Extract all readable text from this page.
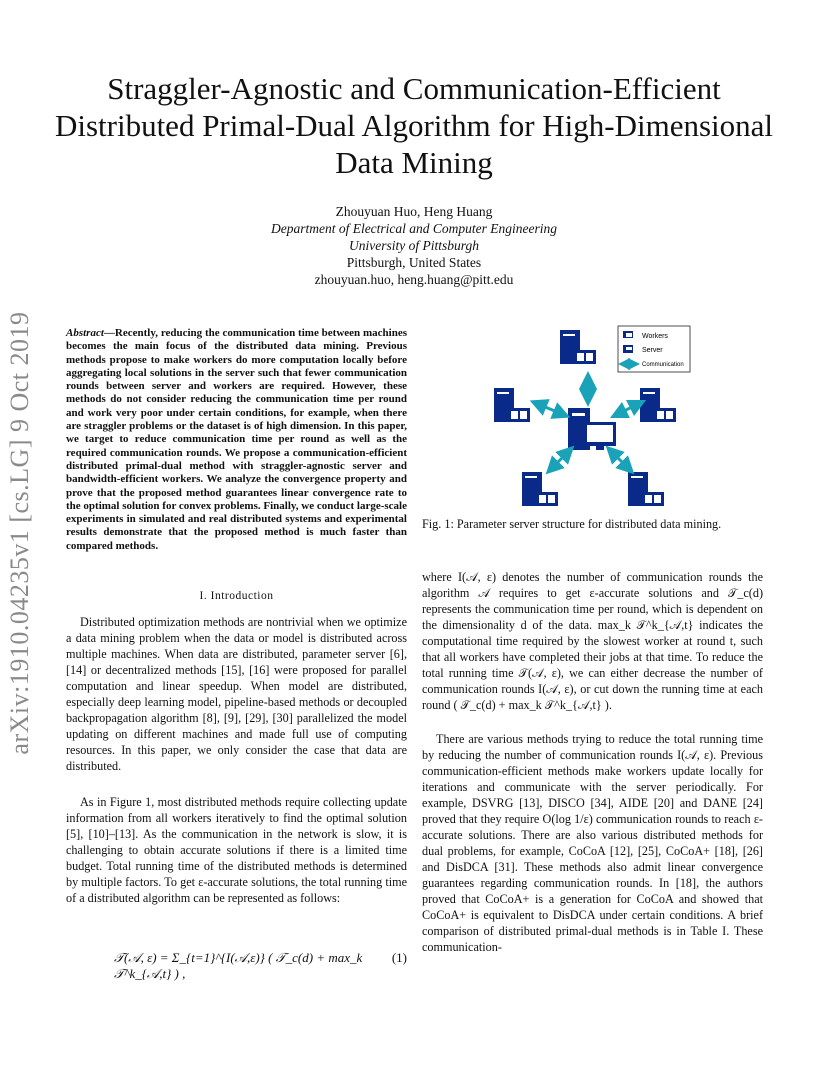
arXiv:1910.04235v1 [cs.LG] 9 Oct 2019
Straggler-Agnostic and Communication-Efficient Distributed Primal-Dual Algorithm for High-Dimensional Data Mining
Zhouyuan Huo, Heng Huang
Department of Electrical and Computer Engineering
University of Pittsburgh
Pittsburgh, United States
zhouyuan.huo, heng.huang@pitt.edu
Abstract—Recently, reducing the communication time between machines becomes the main focus of the distributed data mining. Previous methods propose to make workers do more computation locally before aggregating local solutions in the server such that fewer communication rounds between server and workers are required. However, these methods do not consider reducing the communication time per round and work very poor under certain conditions, for example, when there are straggler problems or the dataset is of high dimension. In this paper, we target to reduce communication time per round as well as the required communication rounds. We propose a communication-efficient distributed primal-dual method with straggler-agnostic server and bandwidth-efficient workers. We analyze the convergence property and prove that the proposed method guarantees linear convergence rate to the optimal solution for convex problems. Finally, we conduct large-scale experiments in simulated and real distributed systems and experimental results demonstrate that the proposed method is much faster than compared methods.
I. Introduction
Distributed optimization methods are nontrivial when we optimize a data mining problem when the data or model is distributed across multiple machines. When data are distributed, parameter server [6], [14] or decentralized methods [15], [16] were proposed for parallel computation and linear speedup. When model are distributed, especially deep learning model, pipeline-based methods or decoupled backpropagation algorithm [8], [9], [29], [30] parallelized the model updating on different machines and made full use of computing resources. In this paper, we only consider the case that data are distributed.
As in Figure 1, most distributed methods require collecting update information from all workers iteratively to find the optimal solution [5], [10]–[13]. As the communication in the network is slow, it is challenging to obtain accurate solutions if there is a limited time budget. Total running time of the distributed methods is determined by multiple factors. To get ε-accurate solutions, the total running time of a distributed algorithm can be represented as follows:
𝒯(𝒜, ε) = Σ_{t=1}^{I(𝒜,ε)} ( 𝒯_c(d) + max_k 𝒯^k_{𝒜,t} ) ,
(1)
Workers
Server
Communication
Fig. 1: Parameter server structure for distributed data mining.
where I(𝒜, ε) denotes the number of communication rounds the algorithm 𝒜 requires to get ε-accurate solutions and 𝒯_c(d) represents the communication time per round, which is dependent on the dimensionality d of the data. max_k 𝒯^k_{𝒜,t} indicates the computational time required by the slowest worker at round t, such that all workers have completed their jobs at that time. To reduce the total running time 𝒯(𝒜, ε), we can either decrease the number of communication rounds I(𝒜, ε), or cut down the running time at each round ( 𝒯_c(d) + max_k 𝒯^k_{𝒜,t} ).
There are various methods trying to reduce the total running time by reducing the number of communication rounds I(𝒜, ε). Previous communication-efficient methods make workers update locally for iterations and communicate with the server periodically. For example, DSVRG [13], DISCO [34], AIDE [20] and DANE [24] proved that they require O(log 1/ε) communication rounds to reach ε-accurate solutions. There are also various distributed methods for dual problems, for example, CoCoA [12], [25], CoCoA+ [18], [26] and DisDCA [31]. These methods also admit linear convergence guarantees regarding communication rounds. In [18], the authors proved that CoCoA+ is a generation for CoCoA and showed that CoCoA+ is equivalent to DisDCA under certain conditions. A brief comparison of distributed primal-dual methods is in Table I. These communication-
